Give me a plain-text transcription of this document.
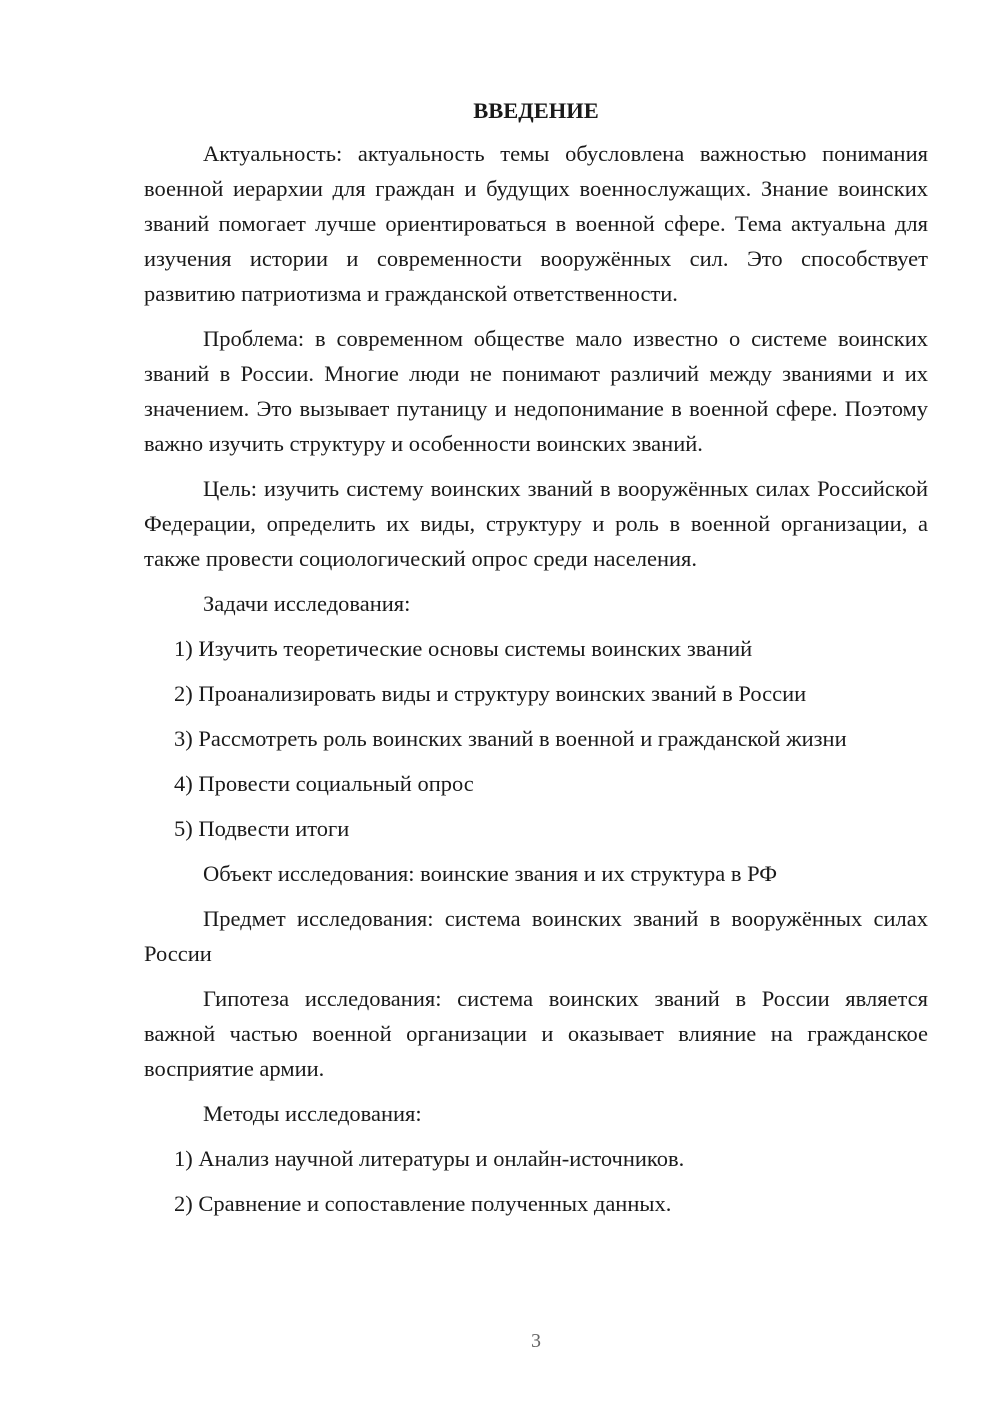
ВВЕДЕНИЕ

Актуальность: актуальность темы обусловлена важностью понимания военной иерархии для граждан и будущих военнослужащих. Знание воинских званий помогает лучше ориентироваться в военной сфере. Тема актуальна для изучения истории и современности вооружённых сил. Это способствует развитию патриотизма и гражданской ответственности.

Проблема: в современном обществе мало известно о системе воинских званий в России. Многие люди не понимают различий между званиями и их значением. Это вызывает путаницу и недопонимание в военной сфере. Поэтому важно изучить структуру и особенности воинских званий.

Цель: изучить систему воинских званий в вооружённых силах Российской Федерации, определить их виды, структуру и роль в военной организации, а также провести социологический опрос среди населения.

Задачи исследования:

1) Изучить теоретические основы системы воинских званий
2) Проанализировать виды и структуру воинских званий в России
3) Рассмотреть роль воинских званий в военной и гражданской жизни
4) Провести социальный опрос
5) Подвести итоги

Объект исследования: воинские звания и их структура в РФ

Предмет исследования: система воинских званий в вооружённых силах России

Гипотеза исследования: система воинских званий в России является важной частью военной организации и оказывает влияние на гражданское восприятие армии.

Методы исследования:

1) Анализ научной литературы и онлайн-источников.
2) Сравнение и сопоставление полученных данных.
3
